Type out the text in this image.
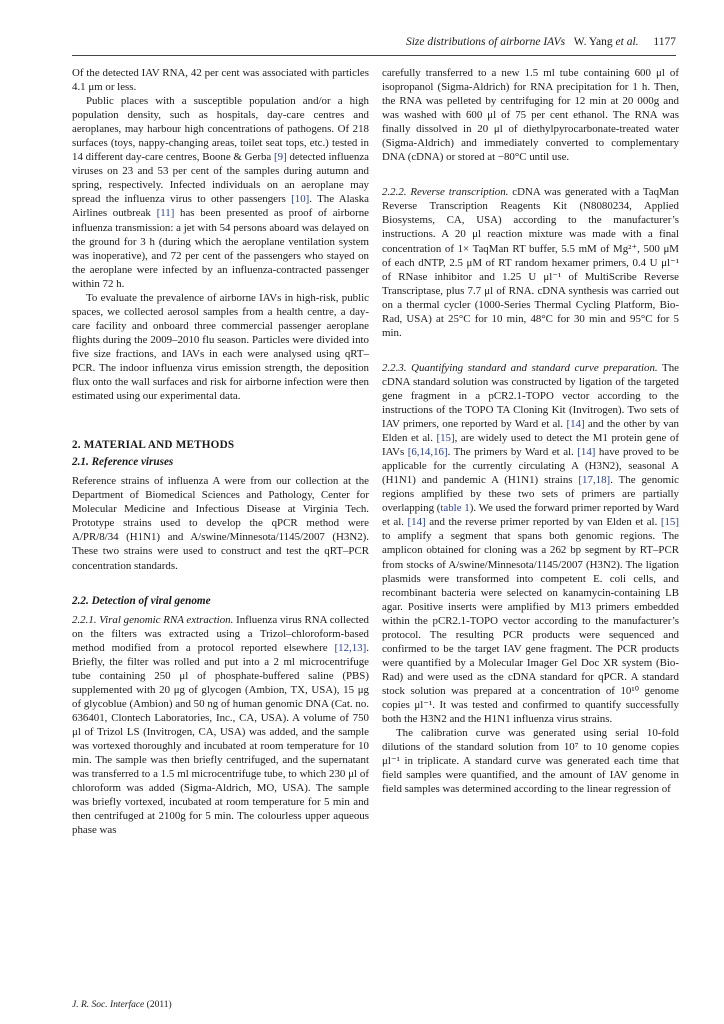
Size distributions of airborne IAVs W. Yang et al. 1177

Of the detected IAV RNA, 42 per cent was associated with particles 4.1 μm or less.

Public places with a susceptible population and/or a high population density, such as hospitals, day-care centres and aeroplanes, may harbour high concentrations of pathogens. Of 218 surfaces (toys, nappy-changing areas, toilet seat tops, etc.) tested in 14 different day-care centres, Boone & Gerba [9] detected influenza viruses on 23 and 53 per cent of the samples during autumn and spring, respectively. Infected individuals on an aeroplane may spread the influenza virus to other passengers [10]. The Alaska Airlines outbreak [11] has been presented as proof of airborne influenza transmission: a jet with 54 persons aboard was delayed on the ground for 3 h (during which the aeroplane ventilation system was inoperative), and 72 per cent of the passengers who stayed on the aeroplane were infected by an influenza-contracted passenger within 72 h.

To evaluate the prevalence of airborne IAVs in high-risk, public spaces, we collected aerosol samples from a health centre, a day-care facility and onboard three commercial passenger aeroplane flights during the 2009–2010 flu season. Particles were divided into five size fractions, and IAVs in each were analysed using qRT–PCR. The indoor influenza virus emission strength, the deposition flux onto the wall surfaces and risk for airborne infection were then estimated using our experimental data.

2. MATERIAL AND METHODS
2.1. Reference viruses

Reference strains of influenza A were from our collection at the Department of Biomedical Sciences and Pathology, Center for Molecular Medicine and Infectious Disease at Virginia Tech. Prototype strains used to develop the qPCR method were A/PR/8/34 (H1N1) and A/swine/Minnesota/1145/2007 (H3N2). These two strains were used to construct and test the qRT–PCR concentration standards.

2.2. Detection of viral genome

2.2.1. Viral genomic RNA extraction. Influenza virus RNA collected on the filters was extracted using a Trizol–chloroform-based method modified from a protocol reported elsewhere [12,13]. Briefly, the filter was rolled and put into a 2 ml microcentrifuge tube containing 250 μl of phosphate-buffered saline (PBS) supplemented with 20 μg of glycogen (Ambion, TX, USA), 15 μg of glycoblue (Ambion) and 50 ng of human genomic DNA (Cat. no. 636401, Clontech Laboratories, Inc., CA, USA). A volume of 750 μl of Trizol LS (Invitrogen, CA, USA) was added, and the sample was vortexed thoroughly and incubated at room temperature for 10 min. The sample was then briefly centrifuged, and the supernatant was transferred to a 1.5 ml microcentrifuge tube, to which 230 μl of chloroform was added (Sigma-Aldrich, MO, USA). The sample was briefly vortexed, incubated at room temperature for 5 min and then centrifuged at 2100g for 5 min. The colourless upper aqueous phase was

carefully transferred to a new 1.5 ml tube containing 600 μl of isopropanol (Sigma-Aldrich) for RNA precipitation for 1 h. Then, the RNA was pelleted by centrifuging for 12 min at 20 000g and was washed with 600 μl of 75 per cent ethanol. The RNA was finally dissolved in 20 μl of diethylpyrocarbonate-treated water (Sigma-Aldrich) and immediately converted to complementary DNA (cDNA) or stored at −80°C until use.

2.2.2. Reverse transcription. cDNA was generated with a TaqMan Reverse Transcription Reagents Kit (N8080234, Applied Biosystems, CA, USA) according to the manufacturer’s instructions. A 20 μl reaction mixture was made with a final concentration of 1× TaqMan RT buffer, 5.5 mM of Mg²⁺, 500 μM of each dNTP, 2.5 μM of RT random hexamer primers, 0.4 U μl⁻¹ of RNase inhibitor and 1.25 U μl⁻¹ of MultiScribe Reverse Transcriptase, plus 7.7 μl of RNA. cDNA synthesis was carried out on a thermal cycler (1000-Series Thermal Cycling Platform, Bio-Rad, USA) at 25°C for 10 min, 48°C for 30 min and 95°C for 5 min.

2.2.3. Quantifying standard and standard curve preparation. The cDNA standard solution was constructed by ligation of the targeted gene fragment in a pCR2.1-TOPO vector according to the instructions of the TOPO TA Cloning Kit (Invitrogen). Two sets of IAV primers, one reported by Ward et al. [14] and the other by van Elden et al. [15], are widely used to detect the M1 protein gene of IAVs [6,14,16]. The primers by Ward et al. [14] have proved to be applicable for the currently circulating A (H3N2), seasonal A (H1N1) and pandemic A (H1N1) strains [17,18]. The genomic regions amplified by these two sets of primers are partially overlapping (table 1). We used the forward primer reported by Ward et al. [14] and the reverse primer reported by van Elden et al. [15] to amplify a segment that spans both genomic regions. The amplicon obtained for cloning was a 262 bp segment by RT–PCR from stocks of A/swine/Minnesota/1145/2007 (H3N2). The ligation plasmids were transformed into competent E. coli cells, and recombinant bacteria were selected on kanamycin-containing LB agar. Positive inserts were amplified by M13 primers embedded within the pCR2.1-TOPO vector according to the manufacturer’s protocol. The resulting PCR products were sequenced and confirmed to be the target IAV gene fragment. The PCR products were quantified by a Molecular Imager Gel Doc XR system (Bio-Rad) and were used as the cDNA standard for qPCR. A standard stock solution was prepared at a concentration of 10¹⁰ genome copies μl⁻¹. It was tested and confirmed to quantify successfully both the H3N2 and the H1N1 influenza virus strains.

The calibration curve was generated using serial 10-fold dilutions of the standard solution from 10⁷ to 10 genome copies μl⁻¹ in triplicate. A standard curve was generated each time that field samples were quantified, and the amount of IAV genome in field samples was determined according to the linear regression of

J. R. Soc. Interface (2011)
